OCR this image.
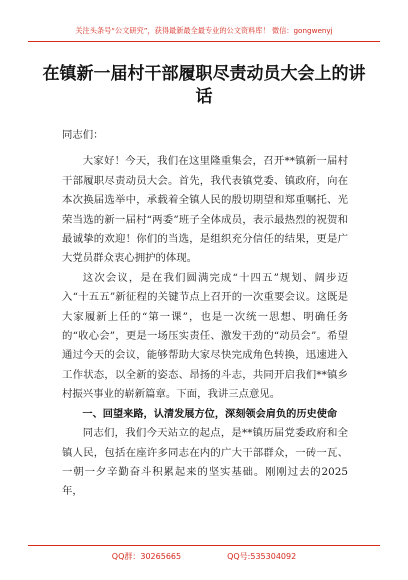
关注头条号“公文研究”，获得最新最全最专业的公文资料库！ 微信：gongwenyj
在镇新一届村干部履职尽责动员大会上的讲话

同志们：

大家好！今天，我们在这里隆重集会，召开**镇新一届村干部履职尽责动员大会。首先，我代表镇党委、镇政府，向在本次换届选举中，承载着全镇人民的殷切期望和郑重嘱托、光荣当选的新一届村“两委”班子全体成员，表示最热烈的祝贺和最诚挚的欢迎！你们的当选，是组织充分信任的结果，更是广大党员群众衷心拥护的体现。

这次会议，是在我们圆满完成“十四五”规划、阔步迈入“十五五”新征程的关键节点上召开的一次重要会议。这既是大家履新上任的“第一课”，也是一次统一思想、明确任务的“收心会”，更是一场压实责任、激发干劲的“动员会”。希望通过今天的会议，能够帮助大家尽快完成角色转换，迅速进入工作状态，以全新的姿态、昂扬的斗志，共同开启我们**镇乡村振兴事业的崭新篇章。下面，我讲三点意见。

一、回望来路，认清发展方位，深刻领会肩负的历史使命

同志们，我们今天站立的起点，是**镇历届党委政府和全镇人民，包括在座许多同志在内的广大干部群众，一砖一瓦、一朝一夕辛勤奋斗积累起来的坚实基础。刚刚过去的2025年，

QQ群：30265665	QQ号:535304092
